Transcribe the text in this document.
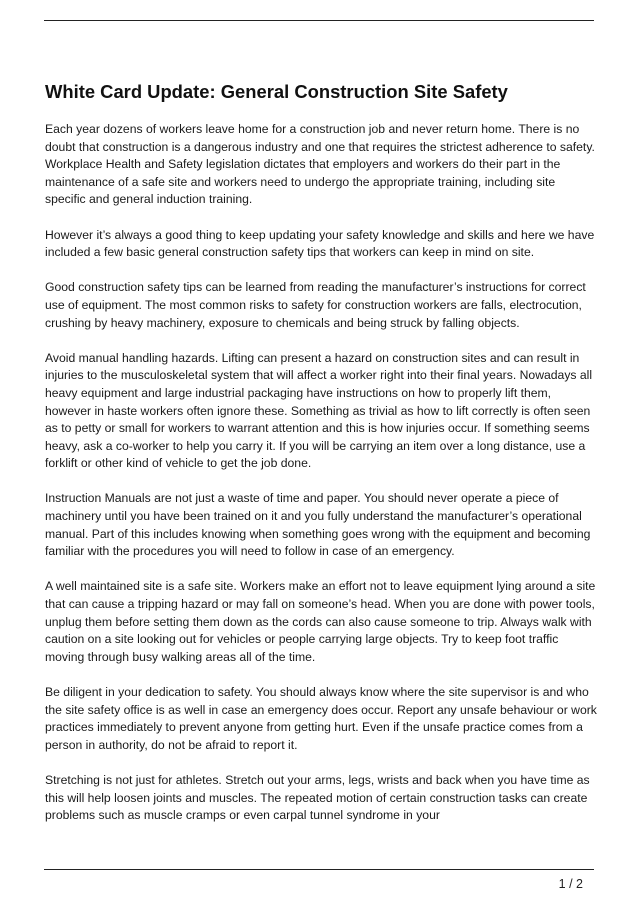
White Card Update: General Construction Site Safety

Each year dozens of workers leave home for a construction job and never return home. There is no doubt that construction is a dangerous industry and one that requires the strictest adherence to safety. Workplace Health and Safety legislation dictates that employers and workers do their part in the maintenance of a safe site and workers need to undergo the appropriate training, including site specific and general induction training.

However it’s always a good thing to keep updating your safety knowledge and skills and here we have included a few basic general construction safety tips that workers can keep in mind on site.

Good construction safety tips can be learned from reading the manufacturer’s instructions for correct use of equipment. The most common risks to safety for construction workers are falls, electrocution, crushing by heavy machinery, exposure to chemicals and being struck by falling objects.

Avoid manual handling hazards. Lifting can present a hazard on construction sites and can result in injuries to the musculoskeletal system that will affect a worker right into their final years. Nowadays all heavy equipment and large industrial packaging have instructions on how to properly lift them, however in haste workers often ignore these. Something as trivial as how to lift correctly is often seen as to petty or small for workers to warrant attention and this is how injuries occur. If something seems heavy, ask a co-worker to help you carry it. If you will be carrying an item over a long distance, use a forklift or other kind of vehicle to get the job done.

Instruction Manuals are not just a waste of time and paper. You should never operate a piece of machinery until you have been trained on it and you fully understand the manufacturer’s operational manual. Part of this includes knowing when something goes wrong with the equipment and becoming familiar with the procedures you will need to follow in case of an emergency.

A well maintained site is a safe site. Workers make an effort not to leave equipment lying around a site that can cause a tripping hazard or may fall on someone’s head. When you are done with power tools, unplug them before setting them down as the cords can also cause someone to trip. Always walk with caution on a site looking out for vehicles or people carrying large objects. Try to keep foot traffic moving through busy walking areas all of the time.

Be diligent in your dedication to safety. You should always know where the site supervisor is and who the site safety office is as well in case an emergency does occur. Report any unsafe behaviour or work practices immediately to prevent anyone from getting hurt. Even if the unsafe practice comes from a person in authority, do not be afraid to report it.

Stretching is not just for athletes. Stretch out your arms, legs, wrists and back when you have time as this will help loosen joints and muscles. The repeated motion of certain construction tasks can create problems such as muscle cramps or even carpal tunnel syndrome in your

1 / 2
